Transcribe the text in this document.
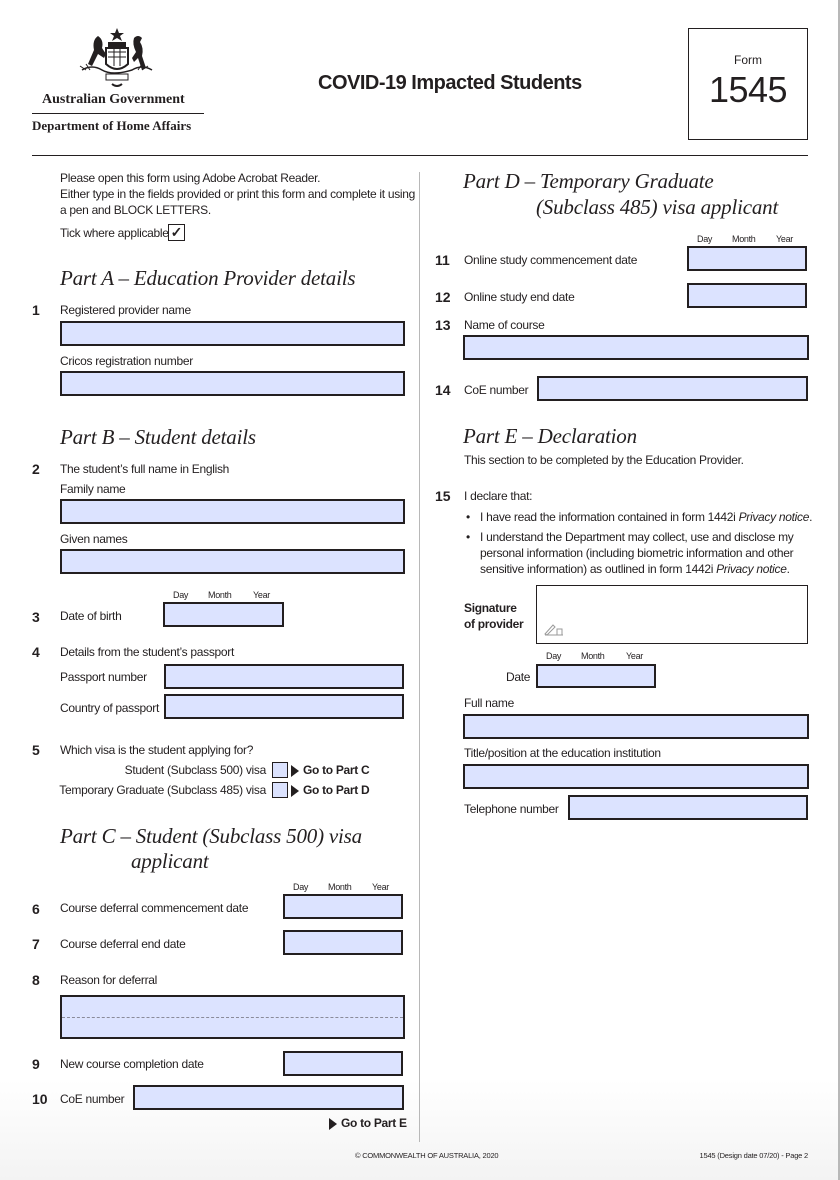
Australian Government
Department of Home Affairs
COVID-19 Impacted Students
Form
1545
Please open this form using Adobe Acrobat Reader.
Either type in the fields provided or print this form and complete it using
a pen and BLOCK LETTERS.
Tick where applicable ✓
Part A – Education Provider details
1 Registered provider name
Cricos registration number
Part B – Student details
2 The student’s full name in English
Family name
Given names
Day Month Year
3 Date of birth
4 Details from the student’s passport
Passport number
Country of passport
5 Which visa is the student applying for?
Student (Subclass 500) visa	Go to Part C
Temporary Graduate (Subclass 485) visa	Go to Part D
Part C – Student (Subclass 500) visa
applicant
Day Month Year
6 Course deferral commencement date
7 Course deferral end date
8 Reason for deferral
9 New course completion date
10 CoE number
Go to Part E
Part D – Temporary Graduate
(Subclass 485) visa applicant
Day Month Year
11 Online study commencement date
12 Online study end date
13 Name of course
14 CoE number
Part E – Declaration
This section to be completed by the Education Provider.
15 I declare that:
• I have read the information contained in form 1442i Privacy notice.
• I understand the Department may collect, use and disclose my
personal information (including biometric information and other
sensitive information) as outlined in form 1442i Privacy notice.
Signature
of provider
Day Month Year
Date
Full name
Title/position at the education institution
Telephone number
© COMMONWEALTH OF AUSTRALIA, 2020	1545 (Design date 07/20) - Page 2
